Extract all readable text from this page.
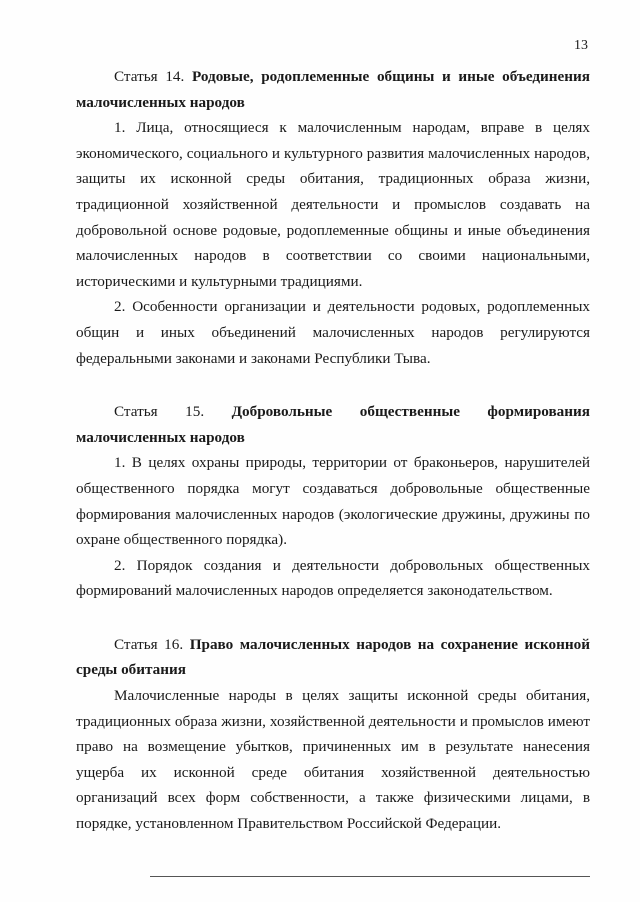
13

Статья 14. Родовые, родоплеменные общины и иные объединения малочисленных народов

1. Лица, относящиеся к малочисленным народам, вправе в целях экономического, социального и культурного развития малочисленных народов, защиты их исконной среды обитания, традиционных образа жизни, традиционной хозяйственной деятельности и промыслов создавать на добровольной основе родовые, родоплеменные общины и иные объединения малочисленных народов в соответствии со своими национальными, историческими и культурными традициями.

2. Особенности организации и деятельности родовых, родоплеменных общин и иных объединений малочисленных народов регулируются федеральными законами и законами Республики Тыва.

Статья 15. Добровольные общественные формирования
малочисленных народов

1. В целях охраны природы, территории от браконьеров, нарушителей общественного порядка могут создаваться добровольные общественные формирования малочисленных народов (экологические дружины, дружины по охране общественного порядка).

2. Порядок создания и деятельности добровольных общественных формирований малочисленных народов определяется законодательством.

Статья 16. Право малочисленных народов на сохранение исконной среды обитания

Малочисленные народы в целях защиты исконной среды обитания, традиционных образа жизни, хозяйственной деятельности и промыслов имеют право на возмещение убытков, причиненных им в результате нанесения ущерба их исконной среде обитания хозяйственной деятельностью организаций всех форм собственности, а также физическими лицами, в порядке, установленном Правительством Российской Федерации.
